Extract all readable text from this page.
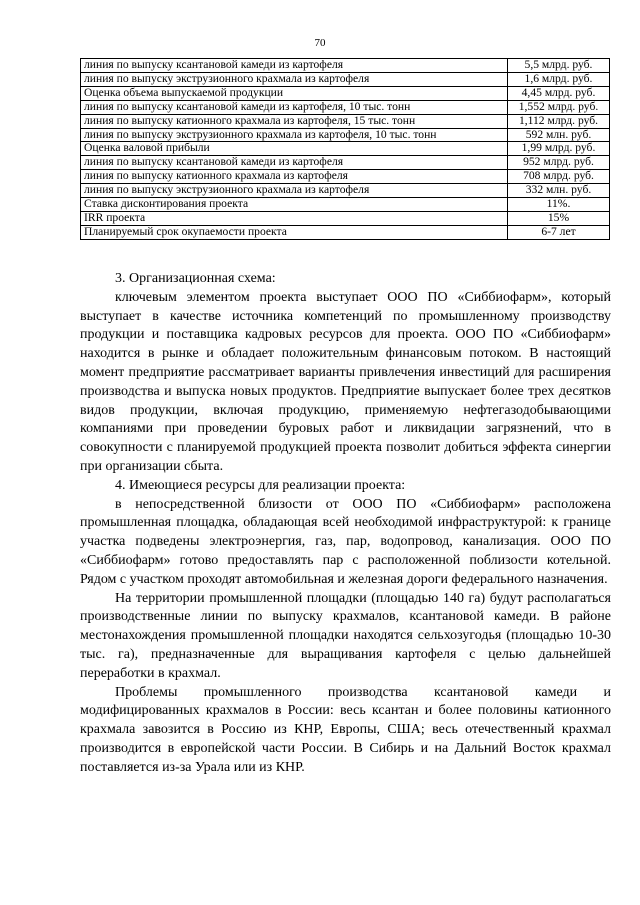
70
линия по выпуску ксантановой камеди из картофеля	5,5 млрд. руб.
линия по выпуску экструзионного крахмала из картофеля	1,6 млрд. руб.
Оценка объема выпускаемой продукции	4,45 млрд. руб.
линия по выпуску ксантановой камеди из картофеля, 10 тыс. тонн	1,552 млрд. руб.
линия по выпуску катионного крахмала из картофеля, 15 тыс. тонн	1,112 млрд. руб.
линия по выпуску экструзионного крахмала из картофеля, 10 тыс. тонн	592 млн. руб.
Оценка валовой прибыли	1,99 млрд. руб.
линия по выпуску ксантановой камеди из картофеля	952 млрд. руб.
линия по выпуску катионного крахмала из картофеля	708 млрд. руб.
линия по выпуску экструзионного крахмала из картофеля	332 млн. руб.
Ставка дисконтирования проекта	11%.
IRR проекта	15%
Планируемый срок окупаемости проекта	6-7 лет

3. Организационная схема:

ключевым элементом проекта выступает ООО ПО «Сиббиофарм», который выступает в качестве источника компетенций по промышленному производству продукции и поставщика кадровых ресурсов для проекта. ООО ПО «Сиббиофарм» находится в рынке и обладает положительным финансовым потоком. В настоящий момент предприятие рассматривает варианты привлечения инвестиций для расширения производства и выпуска новых продуктов. Предприятие выпускает более трех десятков видов продукции, включая продукцию, применяемую нефтегазодобывающими компаниями при проведении буровых работ и ликвидации загрязнений, что в совокупности с планируемой продукцией проекта позволит добиться эффекта синергии при организации сбыта.

4. Имеющиеся ресурсы для реализации проекта:

в непосредственной близости от ООО ПО «Сиббиофарм» расположена промышленная площадка, обладающая всей необходимой инфраструктурой: к границе участка подведены электроэнергия, газ, пар, водопровод, канализация. ООО ПО «Сиббиофарм» готово предоставлять пар с расположенной поблизости котельной. Рядом с участком проходят автомобильная и железная дороги федерального назначения.

На территории промышленной площадки (площадью 140 га) будут располагаться производственные линии по выпуску крахмалов, ксантановой камеди. В районе местонахождения промышленной площадки находятся сельхозугодья (площадью 10-30 тыс. га), предназначенные для выращивания картофеля с целью дальнейшей переработки в крахмал.

Проблемы промышленного производства ксантановой камеди и модифицированных крахмалов в России: весь ксантан и более половины катионного крахмала завозится в Россию из КНР, Европы, США; весь отечественный крахмал производится в европейской части России. В Сибирь и на Дальний Восток крахмал поставляется из-за Урала или из КНР.
